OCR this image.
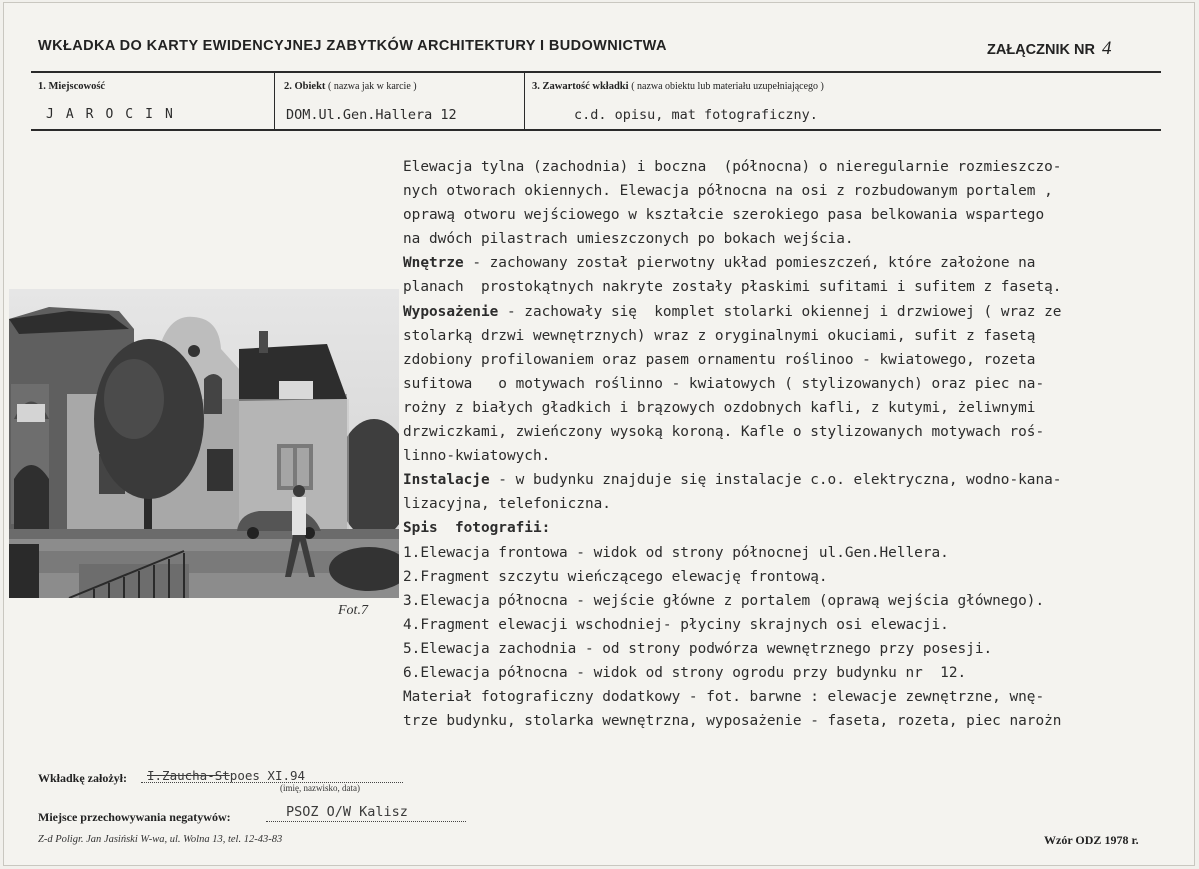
WKŁADKA DO KARTY EWIDENCYJNEJ ZABYTKÓW ARCHITEKTURY I BUDOWNICTWA	ZAŁĄCZNIK NR 4
1. Miejscowość	2. Obiekt ( nazwa jak w karcie )	3. Zawartość wkładki ( nazwa obiektu lub materiału uzupełniającego )
JAROCIN	DOM.Ul.Gen.Hallera 12	c.d. opisu, mat fotograficzny.
Fot.7
Elewacja tylna (zachodnia) i boczna  (północna) o nieregularnie rozmieszczo-
nych otworach okiennych. Elewacja północna na osi z rozbudowanym portalem ,
oprawą otworu wejściowego w kształcie szerokiego pasa belkowania wspartego
na dwóch pilastrach umieszczonych po bokach wejścia.
Wnętrze - zachowany został pierwotny układ pomieszczeń, które założone na
planach  prostokątnych nakryte zostały płaskimi sufitami i sufitem z fasetą.
Wyposażenie - zachowały się  komplet stolarki okiennej i drzwiowej ( wraz ze
stolarką drzwi wewnętrznych) wraz z oryginalnymi okuciami, sufit z fasetą
zdobiony profilowaniem oraz pasem ornamentu roślinoo - kwiatowego, rozeta
sufitowa   o motywach roślinno - kwiatowych ( stylizowanych) oraz piec na-
rożny z białych gładkich i brązowych ozdobnych kafli, z kutymi, żeliwnymi
drzwiczkami, zwieńczony wysoką koroną. Kafle o stylizowanych motywach roś-
linno-kwiatowych.
Instalacje - w budynku znajduje się instalacje c.o. elektryczna, wodno-kana-
lizacyjna, telefoniczna.
Spis  fotografii:
1.Elewacja frontowa - widok od strony północnej ul.Gen.Hellera.
2.Fragment szczytu wieńczącego elewację frontową.
3.Elewacja północna - wejście główne z portalem (oprawą wejścia głównego).
4.Fragment elewacji wschodniej- płyciny skrajnych osi elewacji.
5.Elewacja zachodnia - od strony podwórza wewnętrznego przy posesji.
6.Elewacja północna - widok od strony ogrodu przy budynku nr  12.
Materiał fotograficzny dodatkowy - fot. barwne : elewacje zewnętrzne, wnę-
trze budynku, stolarka wewnętrzna, wyposażenie - faseta, rozeta, piec narożn
Wkładkę założył: I.Zaucha-Stpoes XI.94
(imię, nazwisko, data)
Miejsce przechowywania negatywów:	PSOZ O/W Kalisz
Z-d Poligr. Jan Jasiński W-wa, ul. Wolna 13, tel. 12-43-83	Wzór ODZ 1978 r.
